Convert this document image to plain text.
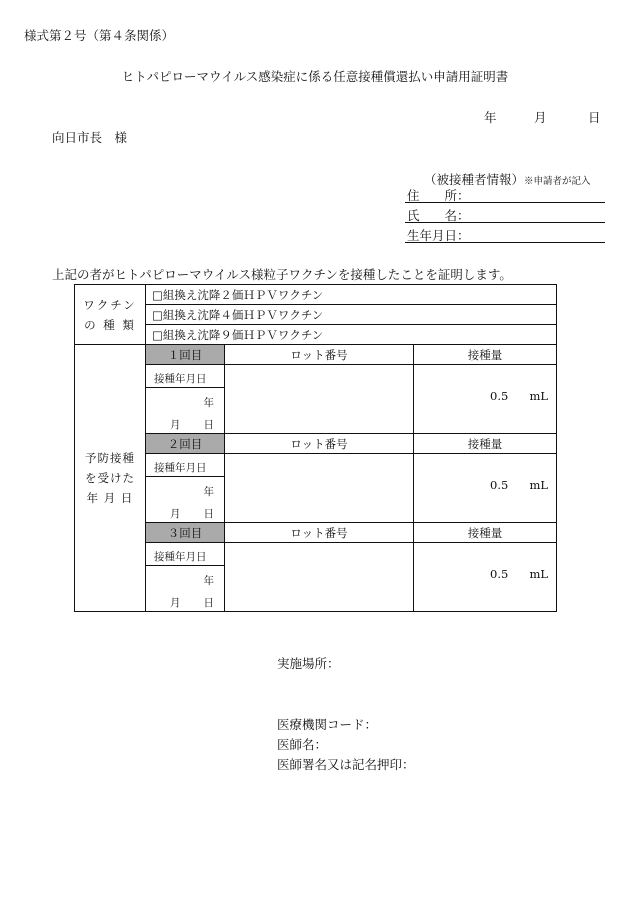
様式第２号（第４条関係）
ヒトパピローマウイルス感染症に係る任意接種償還払い申請用証明書
年	月	日
向日市長　様
（被接種者情報）※申請者が記入
住　　所：
氏　　名：
生年月日：
上記の者がヒトパピローマウイルス様粒子ワクチンを接種したことを証明します。
ワクチン
の 種 類	□組換え沈降２価ＨＰＶワクチン		
	□組換え沈降４価ＨＰＶワクチン		
	□組換え沈降９価ＨＰＶワクチン		

予防接種
を受けた
年 月 日	１回目	ロット番号	接種量

	接種年月日
年
月 日		0.5 mL

	２回目	ロット番号	接種量

	接種年月日
年
月 日		0.5 mL

	３回目	ロット番号	接種量

	接種年月日
年
月 日		0.5 mL
実施場所：
医療機関コード：
医師名：
医師署名又は記名押印：
